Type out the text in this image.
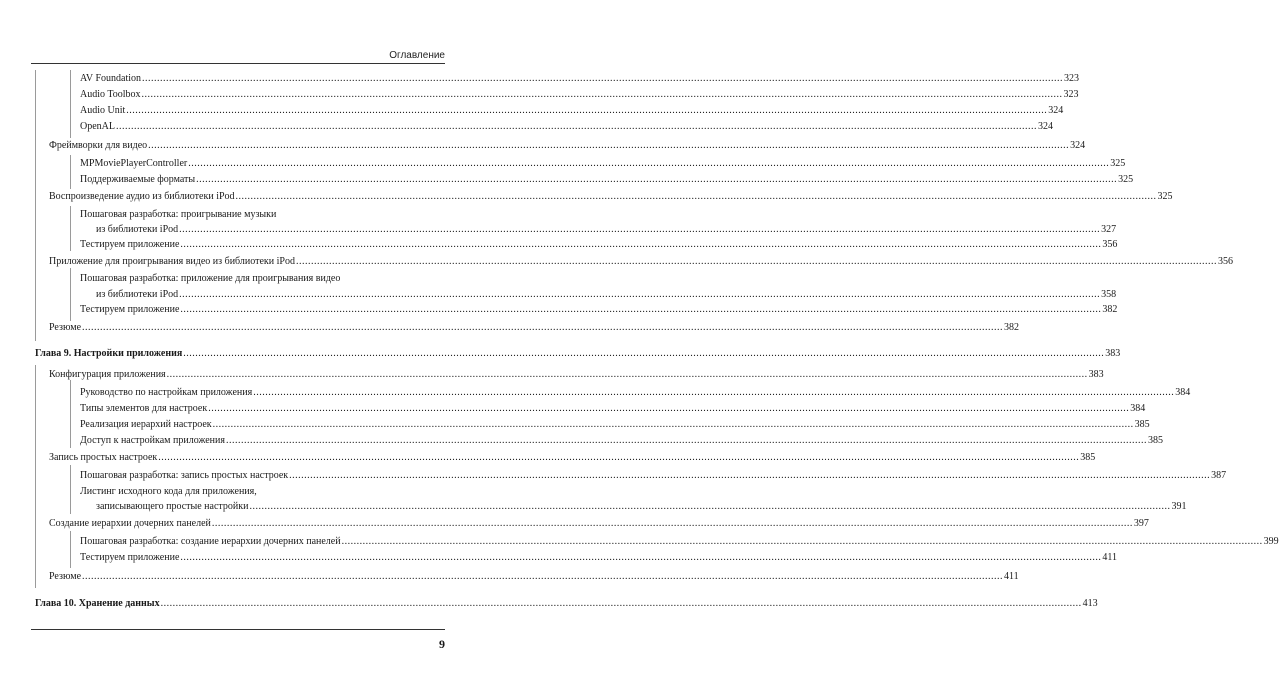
Оглавление
AV Foundation .....	323
Audio Toolbox .....	323
Audio Unit .....	324
OpenAL .....	324
Фреймворки для видео .....	324
MPMoviePlayerController .....	325
Поддерживаемые форматы .....	325
Воспроизведение аудио из библиотеки iPod .....	325
Пошаговая разработка: проигрывание музыки
из библиотеки iPod .....	327
Тестируем приложение .....	356
Приложение для проигрывания видео из библиотеки iPod .....	356
Пошаговая разработка: приложение для проигрывания видео
из библиотеки iPod .....	358
Тестируем приложение .....	382
Резюме .....	382
Глава 9. Настройки приложения .....	383
Конфигурация приложения .....	383
Руководство по настройкам приложения .....	384
Типы элементов для настроек .....	384
Реализация иерархий настроек .....	385
Доступ к настройкам приложения .....	385
Запись простых настроек .....	385
Пошаговая разработка: запись простых настроек .....	387
Листинг исходного кода для приложения,
записывающего простые настройки .....	391
Создание иерархии дочерних панелей .....	397
Пошаговая разработка: создание иерархии дочерних панелей .....	399
Тестируем приложение .....	411
Резюме .....	411
Глава 10. Хранение данных .....	413
9
